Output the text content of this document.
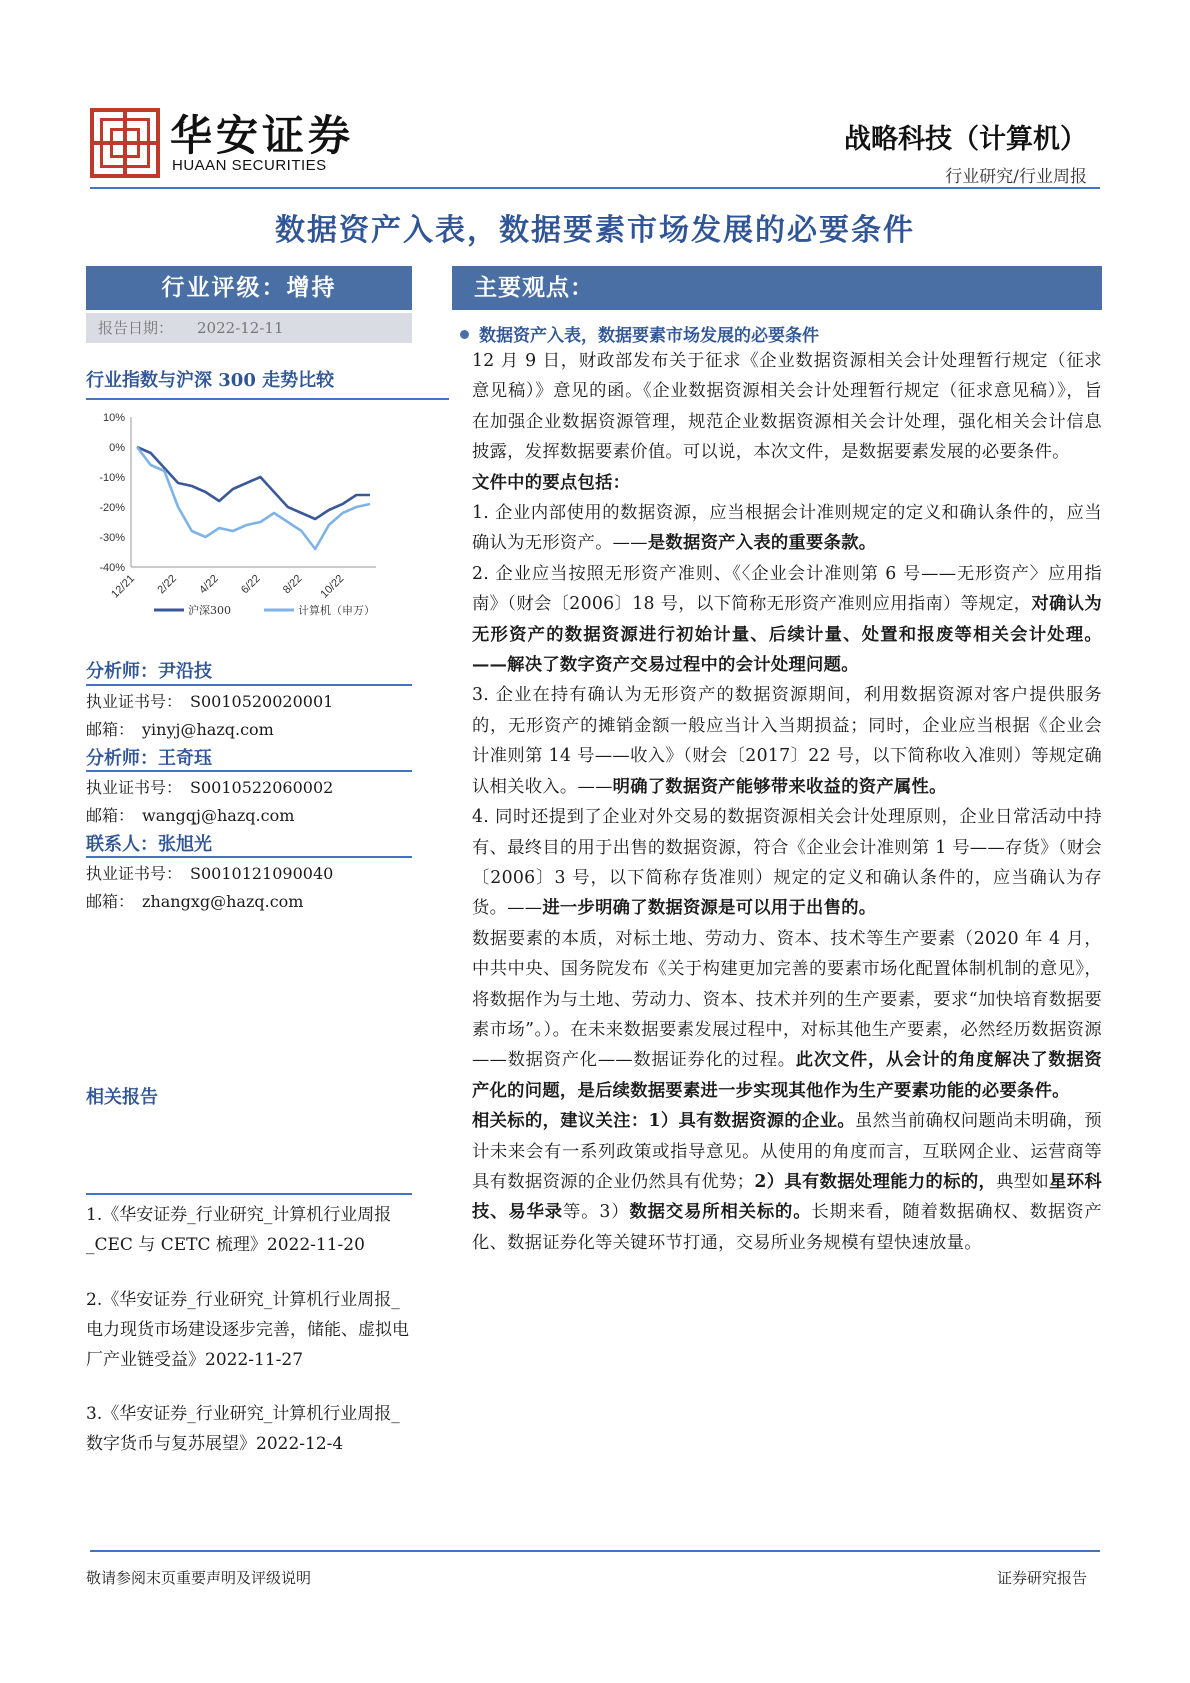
华安证券
HUAAN SECURITIES
战略科技（计算机）
行业研究/行业周报
数据资产入表，数据要素市场发展的必要条件
行业评级：增持
报告日期： 2022-12-11
行业指数与沪深 300 走势比较
10%
0%
-10%
-20%
-30%
-40%
12/21 2/22 4/22 6/22 8/22 10/22
沪深300	计算机（申万）
分析师：尹沿技
执业证书号： S0010520020001
邮箱： yinyj@hazq.com
分析师：王奇珏
执业证书号： S0010522060002
邮箱： wangqj@hazq.com
联系人：张旭光
执业证书号： S0010121090040
邮箱： zhangxg@hazq.com
相关报告
1.《华安证券_行业研究_计算机行业周报_CEC 与 CETC 梳理》2022-11-20
2.《华安证券_行业研究_计算机行业周报_电力现货市场建设逐步完善，储能、虚拟电厂产业链受益》2022-11-27
3.《华安证券_行业研究_计算机行业周报_数字货币与复苏展望》2022-12-4
主要观点：
数据资产入表，数据要素市场发展的必要条件

12 月 9 日，财政部发布关于征求《企业数据资源相关会计处理暂行规定（征求意见稿）》意见的函。《企业数据资源相关会计处理暂行规定（征求意见稿）》，旨在加强企业数据资源管理，规范企业数据资源相关会计处理，强化相关会计信息披露，发挥数据要素价值。可以说，本次文件，是数据要素发展的必要条件。

文件中的要点包括：

1. 企业内部使用的数据资源，应当根据会计准则规定的定义和确认条件的，应当确认为无形资产。——是数据资产入表的重要条款。

2. 企业应当按照无形资产准则、《〈企业会计准则第 6 号——无形资产〉应用指南》（财会〔2006〕18 号，以下简称无形资产准则应用指南）等规定，对确认为无形资产的数据资源进行初始计量、后续计量、处置和报废等相关会计处理。——解决了数字资产交易过程中的会计处理问题。

3. 企业在持有确认为无形资产的数据资源期间，利用数据资源对客户提供服务的，无形资产的摊销金额一般应当计入当期损益；同时，企业应当根据《企业会计准则第 14 号——收入》（财会〔2017〕22 号，以下简称收入准则）等规定确认相关收入。——明确了数据资产能够带来收益的资产属性。

4. 同时还提到了企业对外交易的数据资源相关会计处理原则，企业日常活动中持有、最终目的用于出售的数据资源，符合《企业会计准则第 1 号——存货》（财会〔2006〕3 号，以下简称存货准则）规定的定义和确认条件的，应当确认为存货。——进一步明确了数据资源是可以用于出售的。

数据要素的本质，对标土地、劳动力、资本、技术等生产要素（2020 年 4 月，中共中央、国务院发布《关于构建更加完善的要素市场化配置体制机制的意见》，将数据作为与土地、劳动力、资本、技术并列的生产要素，要求“加快培育数据要素市场”。）。在未来数据要素发展过程中，对标其他生产要素，必然经历数据资源——数据资产化——数据证券化的过程。此次文件，从会计的角度解决了数据资产化的问题，是后续数据要素进一步实现其他作为生产要素功能的必要条件。

相关标的，建议关注：1）具有数据资源的企业。虽然当前确权问题尚未明确，预计未来会有一系列政策或指导意见。从使用的角度而言，互联网企业、运营商等具有数据资源的企业仍然具有优势；2）具有数据处理能力的标的，典型如星环科技、易华录等。3）数据交易所相关标的。长期来看，随着数据确权、数据资产化、数据证券化等关键环节打通，交易所业务规模有望快速放量。

敬请参阅末页重要声明及评级说明	证券研究报告
